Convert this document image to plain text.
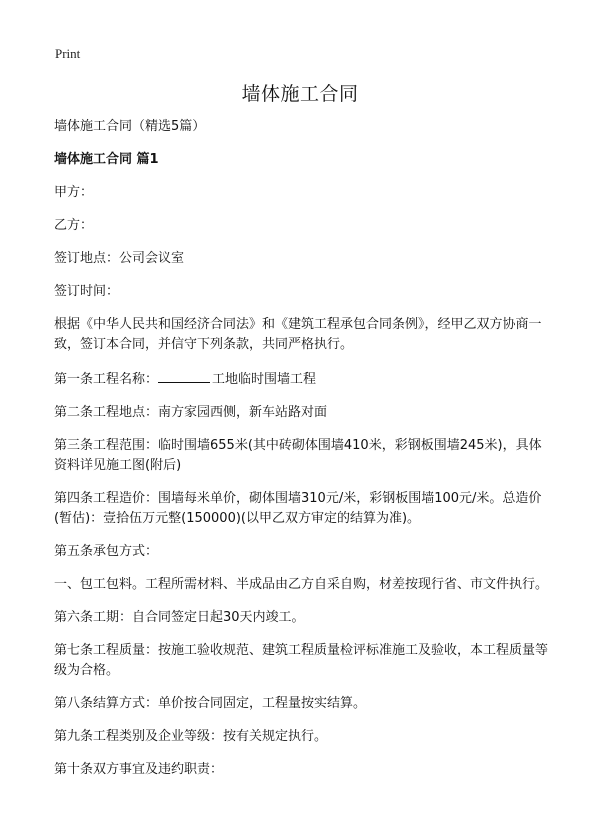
Print
墙体施工合同

墙体施工合同（精选5篇）

墙体施工合同 篇1

甲方：

乙方：

签订地点：公司会议室

签订时间：

根据《中华人民共和国经济合同法》和《建筑工程承包合同条例》，经甲乙双方协商一致，签订本合同，并信守下列条款，共同严格执行。

第一条工程名称：	工地临时围墙工程

第二条工程地点：南方家园西侧，新车站路对面

第三条工程范围：临时围墙655米(其中砖砌体围墙410米，彩钢板围墙245米)，具体资料详见施工图(附后)

第四条工程造价：围墙每米单价，砌体围墙310元/米，彩钢板围墙100元/米。总造价(暂估)：壹拾伍万元整(150000)(以甲乙双方审定的结算为准)。

第五条承包方式：

一、包工包料。工程所需材料、半成品由乙方自采自购，材差按现行省、市文件执行。

第六条工期：自合同签定日起30天内竣工。

第七条工程质量：按施工验收规范、建筑工程质量检评标准施工及验收，本工程质量等级为合格。

第八条结算方式：单价按合同固定，工程量按实结算。

第九条工程类别及企业等级：按有关规定执行。

第十条双方事宜及违约职责：
